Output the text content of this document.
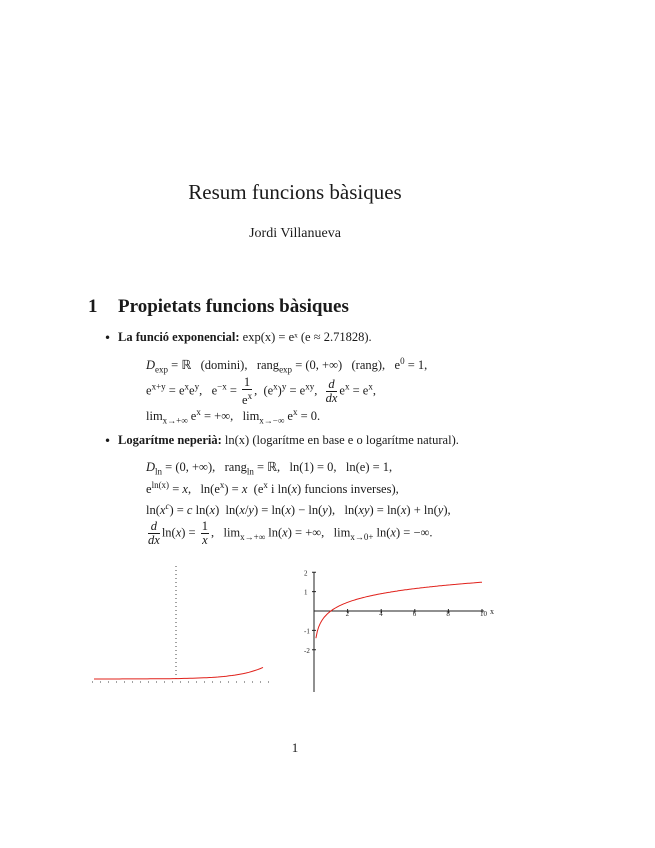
Resum funcions bàsiques
Jordi Villanueva
1 Propietats funcions bàsiques
• La funció exponencial: exp(x) = eˣ (e ≈ 2.71828).
$D_{exp}$ = ℝ   (domini),   rang$_{exp}$ = (0, +∞)   (rang),   $e^0 = 1$,
$e^{x+y} = e^xe^y$,   $e^{-x} = \frac{1}{e^x}$ ,  $(e^x)^y = e^{xy}$, $\frac{d}{dx} e^x = e^x$,
$\lim_{x\to+\infty} e^x$ = +∞,   $\lim_{x\to-\infty} e^x = 0$.
• Logarítme neperià: ln(x) (logarítme en base e o logarítme natural).
$D_{ln} = (0$, +∞),   rang$_{ln}$ = ℝ,   ln(1) = 0,   ln(e) = 1,
$e^{ln(x)} = x$,   $\ln(e^x) = x$  ($e^x$ i ln(x) funcions inverses),
$\ln(x^c) = c$ ln(x)  ln(x/y) = ln(x) − ln(y),   ln(xy) = ln(x) + ln(y),
$\frac{d}{dx} \ln(x) = \frac{1}{x}$ ,   $\lim_{x\to+\infty} \ln(x)$ = +∞,   $\lim_{x\to 0+} \ln(x)$ = −∞.
2	4	6	8	10
2
1
-1
-2
x
1
